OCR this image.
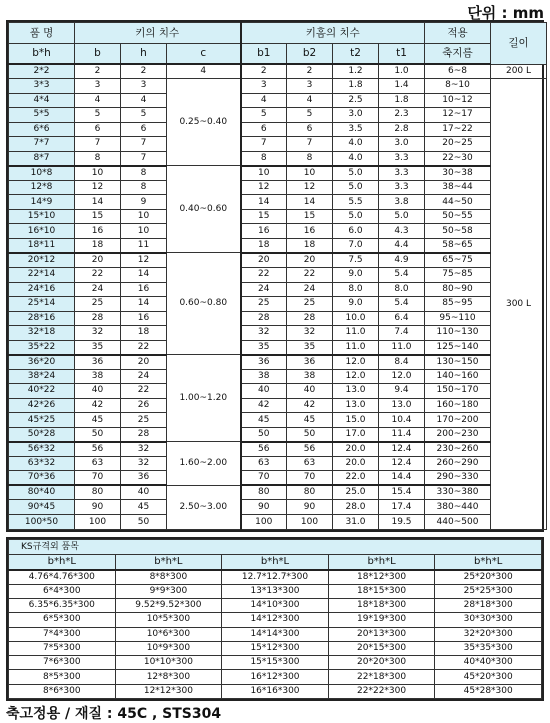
단위 : mm
품 명	키의 치수			키홈의 치수				적용	길이
b*h	b	h	c	b1	b2	t2	t1	축지름	
2*2	2	2	4	2	2	1.2	1.0	6~8	200 L
3*3	3	3	0.25~0.40	3	3	1.8	1.4	8~10	300 L
4*4	4	4		4	4	2.5	1.8	10~12	
5*5	5	5		5	5	3.0	2.3	12~17	
6*6	6	6		6	6	3.5	2.8	17~22	
7*7	7	7		7	7	4.0	3.0	20~25	
8*7	8	7		8	8	4.0	3.3	22~30	
10*8	10	8	0.40~0.60	10	10	5.0	3.3	30~38	
12*8	12	8		12	12	5.0	3.3	38~44	
14*9	14	9		14	14	5.5	3.8	44~50	
15*10	15	10		15	15	5.0	5.0	50~55	
16*10	16	10		16	16	6.0	4.3	50~58	
18*11	18	11		18	18	7.0	4.4	58~65	
20*12	20	12	0.60~0.80	20	20	7.5	4.9	65~75	
22*14	22	14		22	22	9.0	5.4	75~85	
24*16	24	16		24	24	8.0	8.0	80~90	
25*14	25	14		25	25	9.0	5.4	85~95	
28*16	28	16		28	28	10.0	6.4	95~110	
32*18	32	18		32	32	11.0	7.4	110~130	
35*22	35	22		35	35	11.0	11.0	125~140	
36*20	36	20	1.00~1.20	36	36	12.0	8.4	130~150	
38*24	38	24		38	38	12.0	12.0	140~160	
40*22	40	22		40	40	13.0	9.4	150~170	
42*26	42	26		42	42	13.0	13.0	160~180	
45*25	45	25		45	45	15.0	10.4	170~200	
50*28	50	28		50	50	17.0	11.4	200~230	
56*32	56	32	1.60~2.00	56	56	20.0	12.4	230~260	
63*32	63	32		63	63	20.0	12.4	260~290	
70*36	70	36		70	70	22.0	14.4	290~330	
80*40	80	40	2.50~3.00	80	80	25.0	15.4	330~380	
90*45	90	45		90	90	28.0	17.4	380~440	
100*50	100	50		100	100	31.0	19.5	440~500	
KS규격외 품목				
b*h*L	b*h*L	b*h*L	b*h*L	b*h*L
4.76*4.76*300	8*8*300	12.7*12.7*300	18*12*300	25*20*300
6*4*300	9*9*300	13*13*300	18*15*300	25*25*300
6.35*6.35*300	9.52*9.52*300	14*10*300	18*18*300	28*18*300
6*5*300	10*5*300	14*12*300	19*19*300	30*30*300
7*4*300	10*6*300	14*14*300	20*13*300	32*20*300
7*5*300	10*9*300	15*12*300	20*15*300	35*35*300
7*6*300	10*10*300	15*15*300	20*20*300	40*40*300
8*5*300	12*8*300	16*12*300	22*18*300	45*20*300
8*6*300	12*12*300	16*16*300	22*22*300	45*28*300
축고정용 / 재질 : 45C , STS304
